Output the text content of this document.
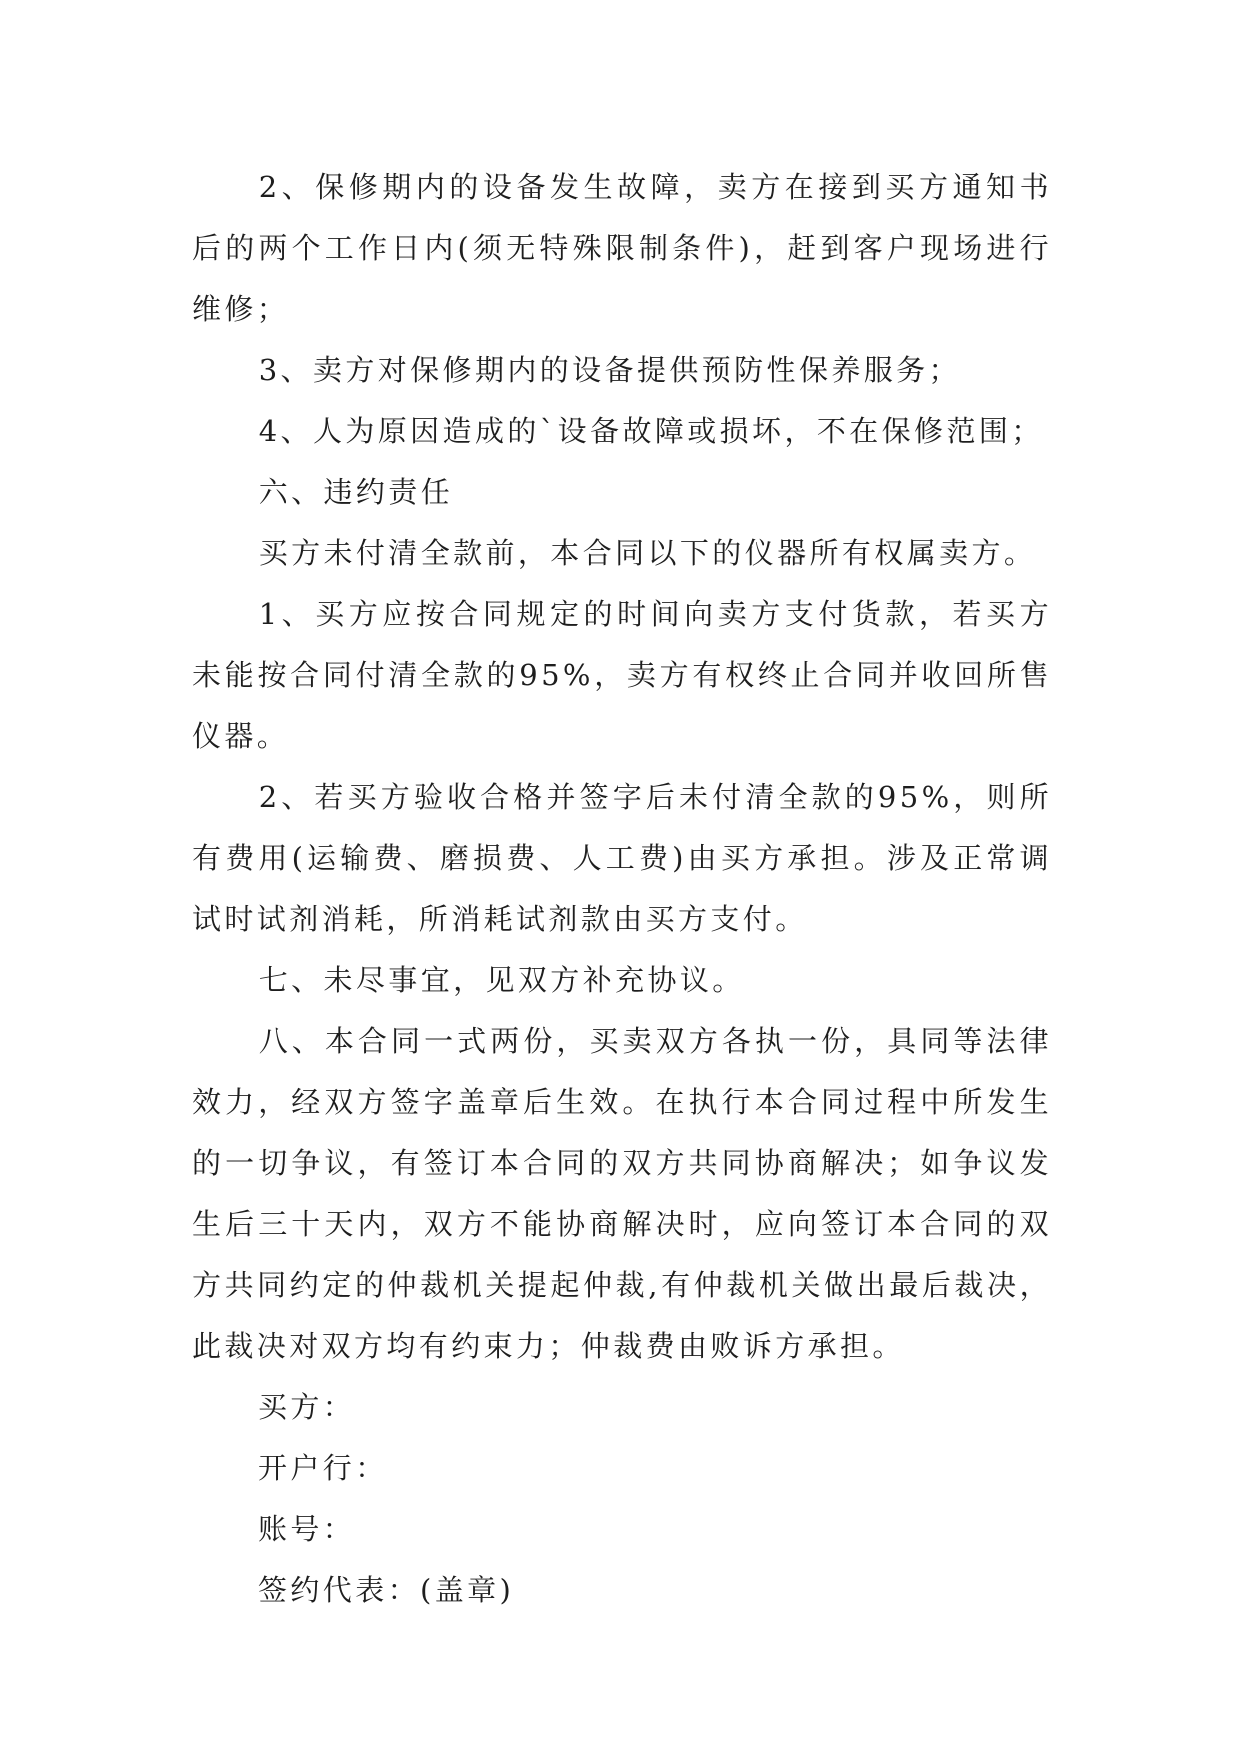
2、保修期内的设备发生故障，卖方在接到买方通知书后的两个工作日内(须无特殊限制条件)，赶到客户现场进行维修；

3、卖方对保修期内的设备提供预防性保养服务；

4、人为原因造成的`设备故障或损坏，不在保修范围；

六、违约责任

买方未付清全款前，本合同以下的仪器所有权属卖方。

1、买方应按合同规定的时间向卖方支付货款，若买方未能按合同付清全款的95%，卖方有权终止合同并收回所售仪器。

2、若买方验收合格并签字后未付清全款的95%，则所有费用(运输费、磨损费、人工费)由买方承担。涉及正常调试时试剂消耗，所消耗试剂款由买方支付。

七、未尽事宜，见双方补充协议。

八、本合同一式两份，买卖双方各执一份，具同等法律效力，经双方签字盖章后生效。在执行本合同过程中所发生的一切争议，有签订本合同的双方共同协商解决；如争议发生后三十天内，双方不能协商解决时，应向签订本合同的双方共同约定的仲裁机关提起仲裁,有仲裁机关做出最后裁决，此裁决对双方均有约束力；仲裁费由败诉方承担。

买方：

开户行：

账号：

签约代表：(盖章)
